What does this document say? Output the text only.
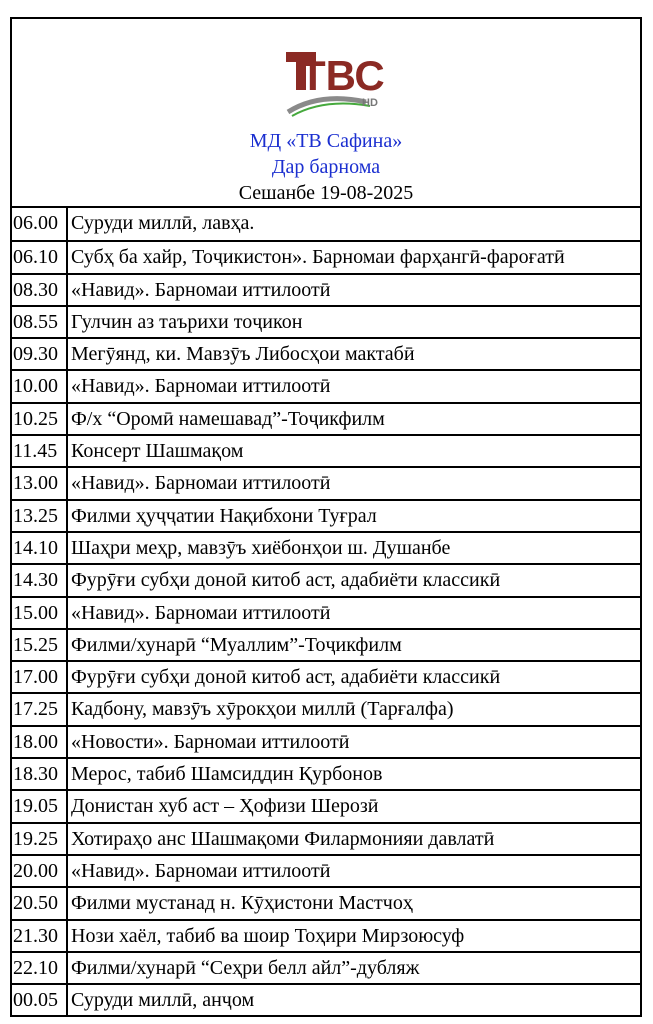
ТВС
HD
МД «ТВ Сафина»
Дар барнома
Сешанбе 19-08-2025
06.00 Суруди миллӣ, лавҳа.
06.10 Субҳ ба хайр, Тоҷикистон». Барномаи фарҳангӣ-фароғатӣ
08.30 «Навид». Барномаи иттилоотӣ
08.55 Гулчин аз таърихи тоҷикон
09.30 Мегӯянд, ки. Мавзӯъ Либосҳои мактабӣ
10.00 «Навид». Барномаи иттилоотӣ
10.25 Ф/х “Оромӣ намешавад”-Тоҷикфилм
11.45 Консерт Шашмақом
13.00 «Навид». Барномаи иттилоотӣ
13.25 Филми ҳуҷҷатии Нақибхони Туғрал
14.10 Шаҳри меҳр, мавзӯъ хиёбонҳои ш. Душанбе
14.30 Фурӯғи субҳи доноӣ китоб аст, адабиёти классикӣ
15.00 «Навид». Барномаи иттилоотӣ
15.25 Филми/хунарӣ “Муаллим”-Тоҷикфилм
17.00 Фурӯғи субҳи доноӣ китоб аст, адабиёти классикӣ
17.25 Кадбону, мавзӯъ хӯрокҳои миллӣ (Тарғалфа)
18.00 «Новости». Барномаи иттилоотӣ
18.30 Мерос, табиб Шамсиддин Қурбонов
19.05 Донистан хуб аст – Ҳофизи Шерозӣ
19.25 Хотираҳо анс Шашмақоми Филармонияи давлатӣ
20.00 «Навид». Барномаи иттилоотӣ
20.50 Филми мустанад н. Кӯҳистони Мастчоҳ
21.30 Нози хаёл, табиб ва шоир Тоҳири Мирзоюсуф
22.10 Филми/хунарӣ “Сеҳри белл айл”-дубляж
00.05 Суруди миллӣ, анҷом
